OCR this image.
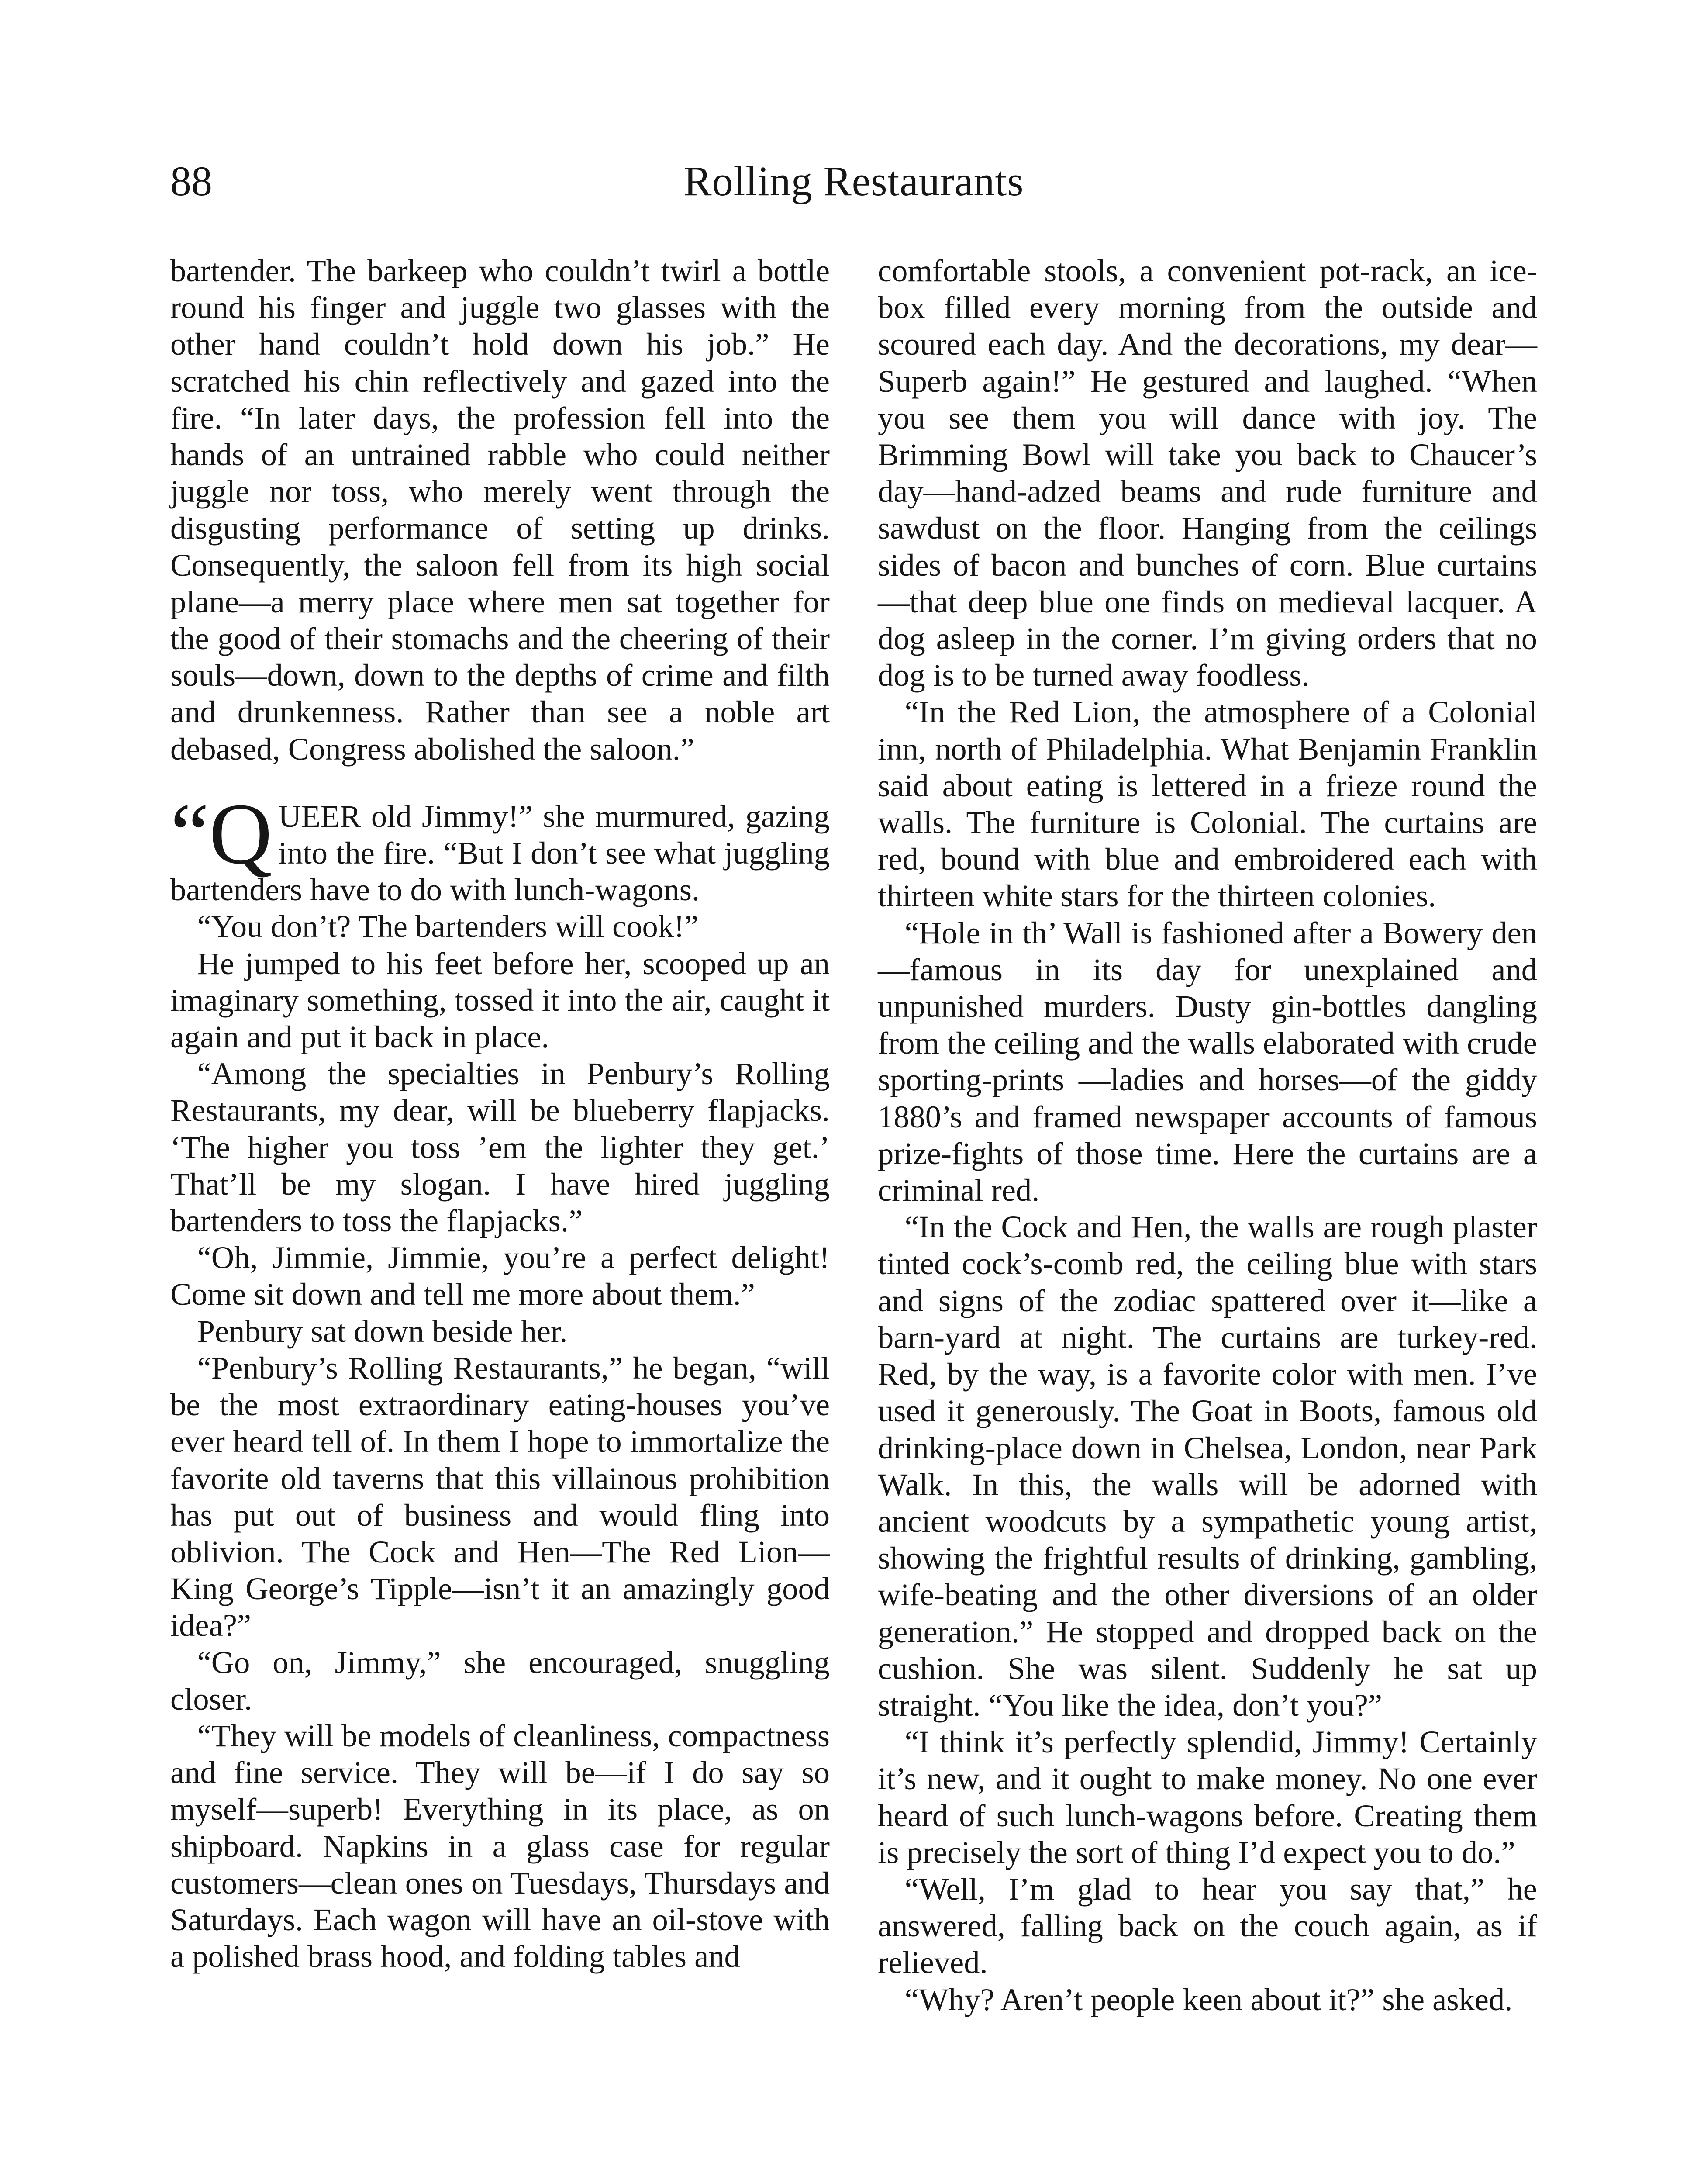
88	Rolling Restaurants

bartender. The barkeep who couldn’t twirl a bottle round his finger and juggle two glasses with the other hand couldn’t hold down his job.” He scratched his chin reflectively and gazed into the fire. “In later days, the profession fell into the hands of an untrained rabble who could neither juggle nor toss, who merely went through the disgusting performance of setting up drinks. Consequently, the saloon fell from its high social plane—a merry place where men sat together for the good of their stomachs and the cheering of their souls—down, down to the depths of crime and filth and drunkenness. Rather than see a noble art debased, Congress abolished the saloon.”

“Q UEER old Jimmy!” she murmured, gazing into the fire. “But I don’t see what juggling bartenders have to do with lunch-wagons.

“You don’t? The bartenders will cook!”

He jumped to his feet before her, scooped up an imaginary something, tossed it into the air, caught it again and put it back in place.

“Among the specialties in Penbury’s Rolling Restaurants, my dear, will be blueberry flapjacks. ‘The higher you toss ’em the lighter they get.’ That’ll be my slogan. I have hired juggling bartenders to toss the flapjacks.”

“Oh, Jimmie, Jimmie, you’re a perfect delight! Come sit down and tell me more about them.”

Penbury sat down beside her.

“Penbury’s Rolling Restaurants,” he began, “will be the most extraordinary eating-houses you’ve ever heard tell of. In them I hope to immortalize the favorite old taverns that this villainous prohibition has put out of business and would fling into oblivion. The Cock and Hen—The Red Lion—King George’s Tipple—isn’t it an amazingly good idea?”

“Go on, Jimmy,” she encouraged, snuggling closer.

“They will be models of cleanliness, compactness and fine service. They will be—if I do say so myself—superb! Everything in its place, as on shipboard. Napkins in a glass case for regular customers—clean ones on Tuesdays, Thursdays and Saturdays. Each wagon will have an oil-stove with a polished brass hood, and folding tables and

comfortable stools, a convenient pot-rack, an ice-box filled every morning from the outside and scoured each day. And the decorations, my dear— Superb again!” He gestured and laughed. “When you see them you will dance with joy. The Brimming Bowl will take you back to Chaucer’s day—hand-adzed beams and rude furniture and sawdust on the floor. Hanging from the ceilings sides of bacon and bunches of corn. Blue curtains—that deep blue one finds on medieval lacquer. A dog asleep in the corner. I’m giving orders that no dog is to be turned away foodless.

“In the Red Lion, the atmosphere of a Colonial inn, north of Philadelphia. What Benjamin Franklin said about eating is lettered in a frieze round the walls. The furniture is Colonial. The curtains are red, bound with blue and embroidered each with thirteen white stars for the thirteen colonies.

“Hole in th’ Wall is fashioned after a Bowery den—famous in its day for unexplained and unpunished murders. Dusty gin-bottles dangling from the ceiling and the walls elaborated with crude sporting-prints —ladies and horses—of the giddy 1880’s and framed newspaper accounts of famous prize-fights of those time. Here the curtains are a criminal red.

“In the Cock and Hen, the walls are rough plaster tinted cock’s-comb red, the ceiling blue with stars and signs of the zodiac spattered over it—like a barn-yard at night. The curtains are turkey-red. Red, by the way, is a favorite color with men. I’ve used it generously. The Goat in Boots, famous old drinking-place down in Chelsea, London, near Park Walk. In this, the walls will be adorned with ancient woodcuts by a sympathetic young artist, showing the frightful results of drinking, gambling, wife-beating and the other diversions of an older generation.” He stopped and dropped back on the cushion. She was silent. Suddenly he sat up straight. “You like the idea, don’t you?”

“I think it’s perfectly splendid, Jimmy! Certainly it’s new, and it ought to make money. No one ever heard of such lunch-wagons before. Creating them is precisely the sort of thing I’d expect you to do.”

“Well, I’m glad to hear you say that,” he answered, falling back on the couch again, as if relieved.

“Why? Aren’t people keen about it?” she asked.
